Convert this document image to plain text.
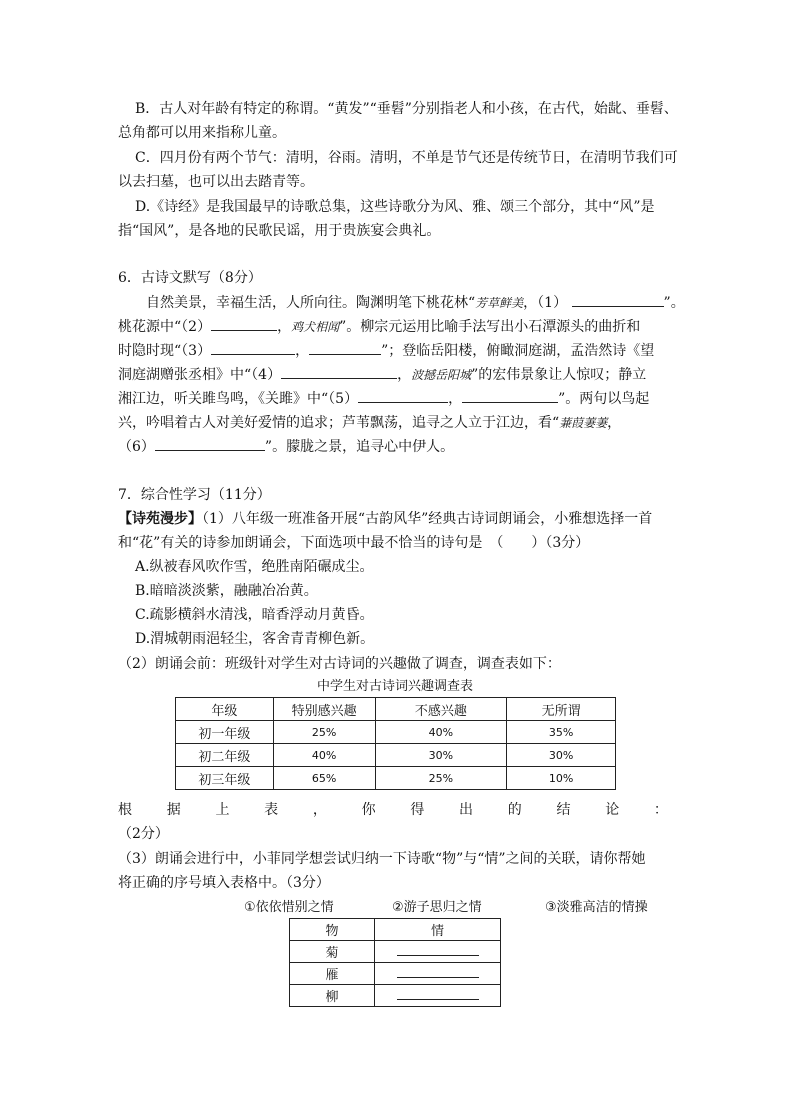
B．古人对年龄有特定的称谓。“黄发”“垂髫”分别指老人和小孩，在古代，始龀、垂髫、
总角都可以用来指称儿童。
C．四月份有两个节气：清明，谷雨。清明，不单是节气还是传统节日，在清明节我们可
以去扫墓，也可以出去踏青等。
D.《诗经》是我国最早的诗歌总集，这些诗歌分为风、雅、颂三个部分，其中“风”是
指“国风”，是各地的民歌民谣，用于贵族宴会典礼。
6．古诗文默写（8分）
自然美景，幸福生活，人所向往。陶渊明笔下桃花林“芳草鲜美，（1）	”。
桃花源中“（2）	，鸡犬相闻”。柳宗元运用比喻手法写出小石潭源头的曲折和
时隐时现“（3）	，	”；登临岳阳楼，俯瞰洞庭湖，孟浩然诗《望
洞庭湖赠张丞相》中“（4）	，波撼岳阳城”的宏伟景象让人惊叹；静立
湘江边，听关雎鸟鸣，《关雎》中“（5）	，	”。两句以鸟起
兴，吟唱着古人对美好爱情的追求；芦苇飘荡，追寻之人立于江边，看“蒹葭萋萋，
（6）	”。朦胧之景，追寻心中伊人。
7．综合性学习（11分）
【诗苑漫步】（1）八年级一班准备开展“古韵风华”经典古诗词朗诵会，小雅想选择一首
和“花”有关的诗参加朗诵会，下面选项中最不恰当的诗句是　（　　）（3分）
A.纵被春风吹作雪，绝胜南陌碾成尘。
B.暗暗淡淡紫，融融冶冶黄。
C.疏影横斜水清浅，暗香浮动月黄昏。
D.渭城朝雨浥轻尘，客舍青青柳色新。
（2）朗诵会前：班级针对学生对古诗词的兴趣做了调查，调查表如下：
中学生对古诗词兴趣调查表
年级	特别感兴趣	不感兴趣	无所谓
初一年级	25%	40%	35%
初二年级	40%	30%	30%
初三年级	65%	25%	10%
根 据 上 表 ， 你 得 出 的 结 论 ：
（2分）
（3）朗诵会进行中，小菲同学想尝试归纳一下诗歌“物”与“情”之间的关联，请你帮她
将正确的序号填入表格中。（3分）
①依依惜别之情	②游子思归之情	③淡雅高洁的情操
物	情
菊	
雁	
柳	
